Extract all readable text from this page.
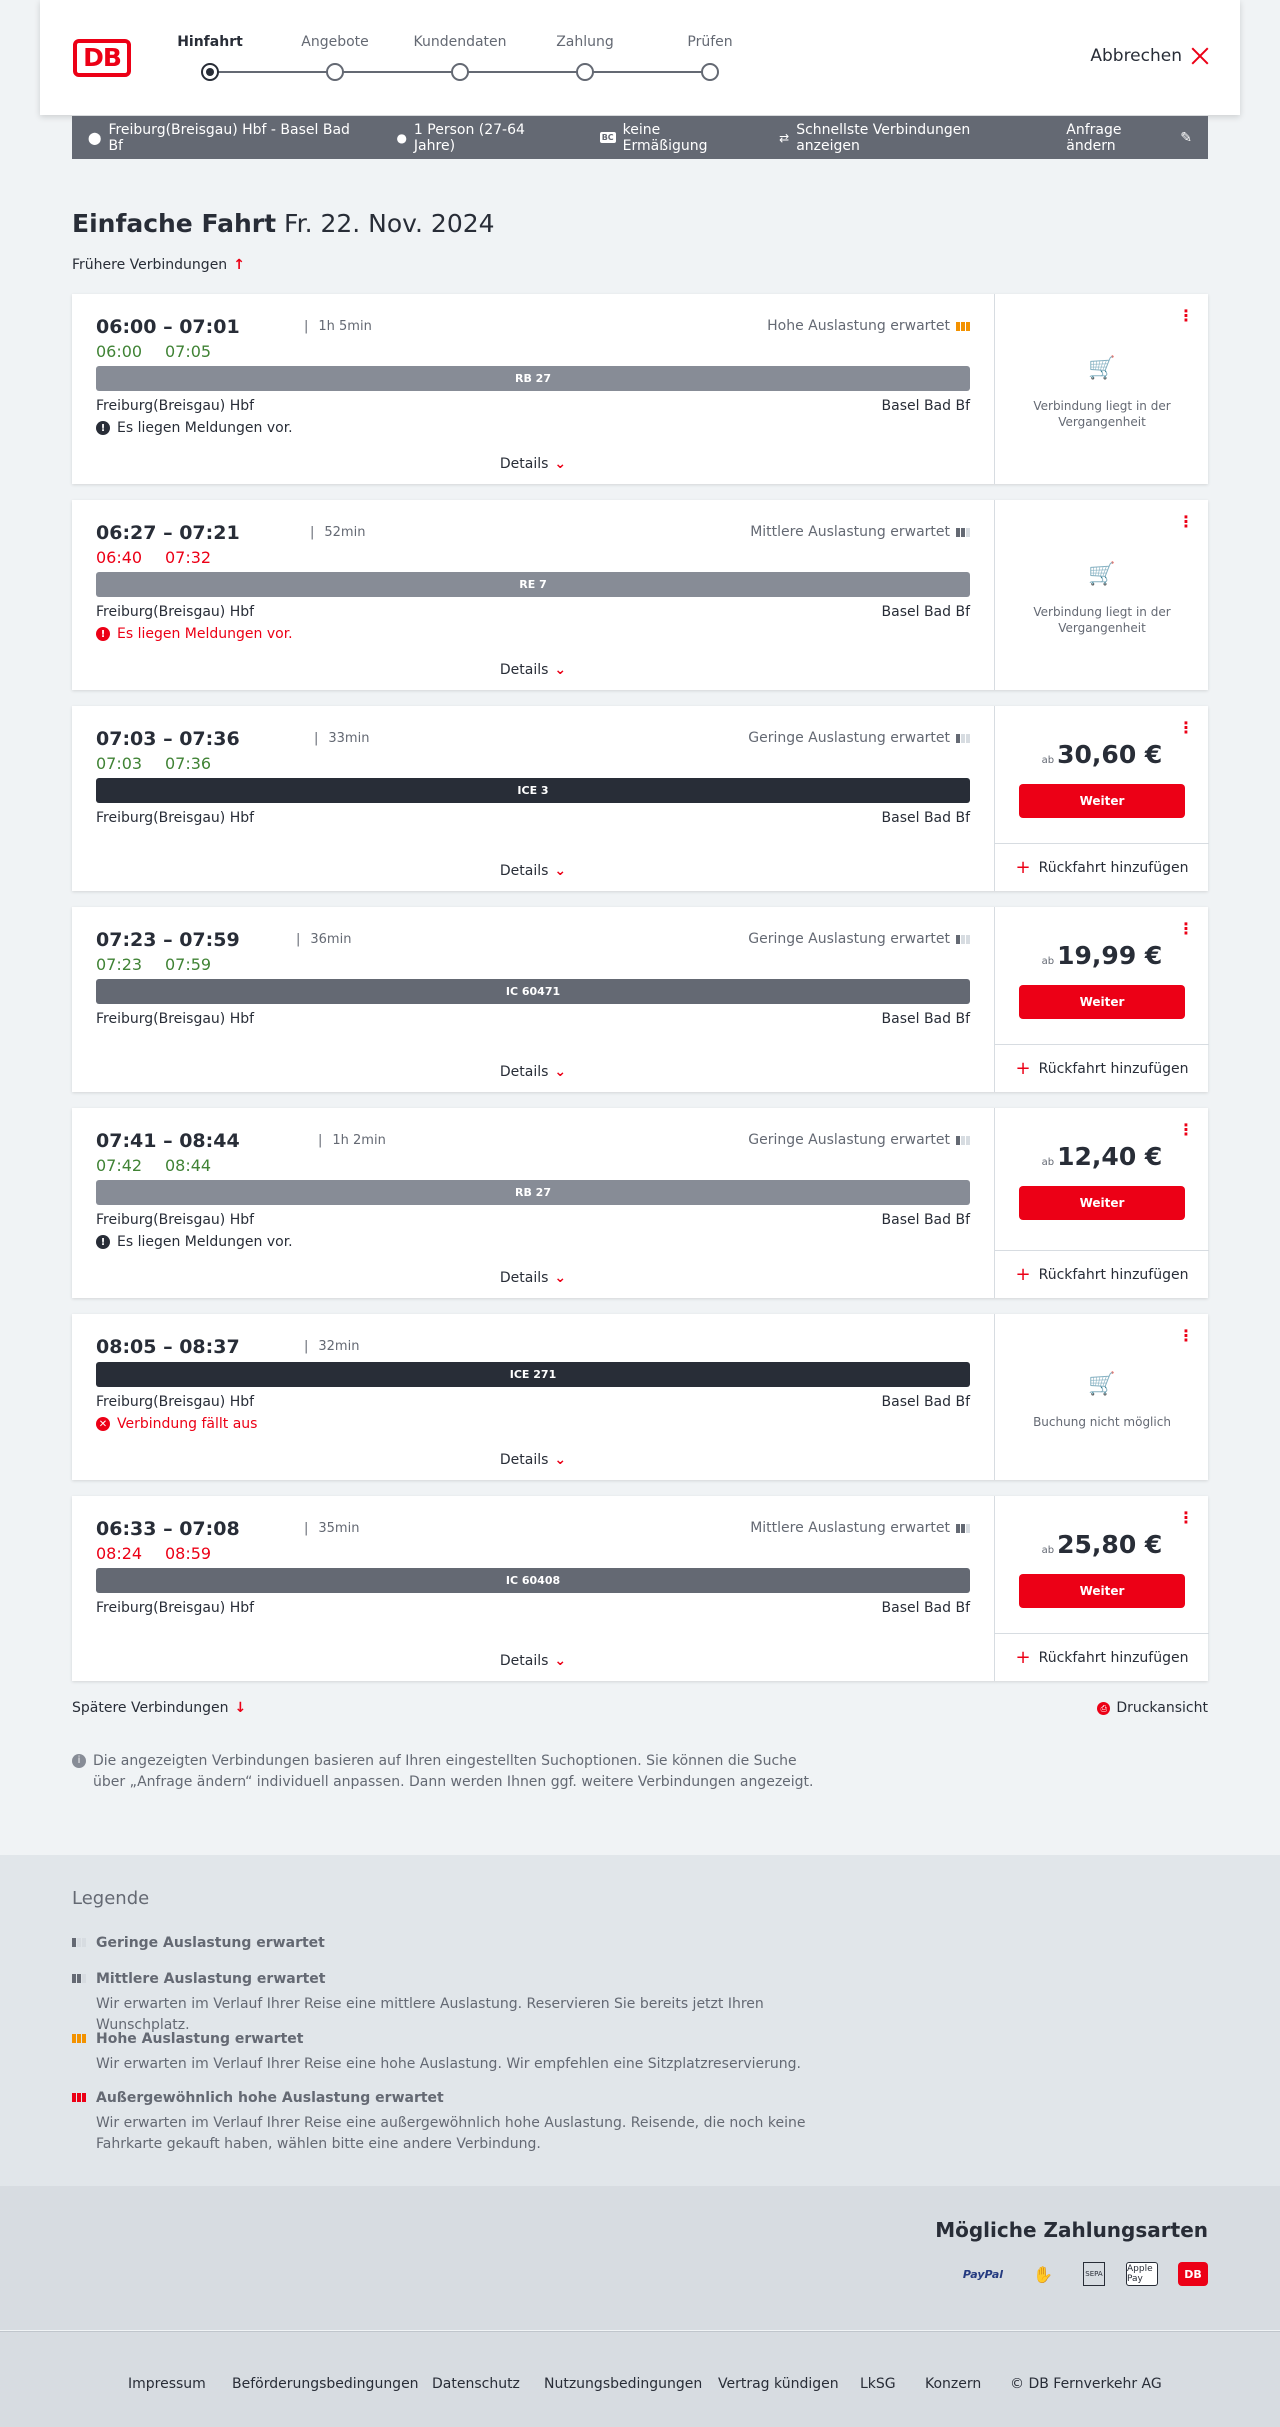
DB
Hinfahrt	Angebote	Kundendaten	Zahlung	Prüfen
Abbrechen
⬤ Freiburg(Breisgau) Hbf - Basel Bad Bf	● 1 Person (27-64 Jahre)	BC keine Ermäßigung	⇄ Schnellste Verbindungen anzeigen
Anfrage ändern	✎
Einfache Fahrt Fr. 22. Nov. 2024
Frühere Verbindungen ↑
06:00 – 07:01	| 1h 5min
06:00 07:05
Hohe Auslastung erwartet
RB 27
Freiburg(Breisgau) Hbf	Basel Bad Bf
! Es liegen Meldungen vor.
Details ⌄
⋮
🛒
Verbindung liegt in der Vergangenheit
06:27 – 07:21	| 52min
06:40 07:32
Mittlere Auslastung erwartet
RE 7
Freiburg(Breisgau) Hbf	Basel Bad Bf
! Es liegen Meldungen vor.
Details ⌄
⋮
🛒
Verbindung liegt in der Vergangenheit
07:03 – 07:36	| 33min
07:03 07:36
Geringe Auslastung erwartet
ICE 3
Freiburg(Breisgau) Hbf	Basel Bad Bf
Details ⌄
⋮
ab 30,60 €
Weiter
+ Rückfahrt hinzufügen
07:23 – 07:59	| 36min
07:23 07:59
Geringe Auslastung erwartet
IC 60471
Freiburg(Breisgau) Hbf	Basel Bad Bf
Details ⌄
⋮
ab 19,99 €
Weiter
+ Rückfahrt hinzufügen
07:41 – 08:44	| 1h 2min
07:42 08:44
Geringe Auslastung erwartet
RB 27
Freiburg(Breisgau) Hbf	Basel Bad Bf
! Es liegen Meldungen vor.
Details ⌄
⋮
ab 12,40 €
Weiter
+ Rückfahrt hinzufügen
08:05 – 08:37	| 32min
ICE 271
Freiburg(Breisgau) Hbf	Basel Bad Bf
✕ Verbindung fällt aus
Details ⌄
⋮
🛒
Buchung nicht möglich
06:33 – 07:08	| 35min
08:24 08:59
Mittlere Auslastung erwartet
IC 60408
Freiburg(Breisgau) Hbf	Basel Bad Bf
Details ⌄
⋮
ab 25,80 €
Weiter
+ Rückfahrt hinzufügen
Spätere Verbindungen ↓	⎙ Druckansicht
i Die angezeigten Verbindungen basieren auf Ihren eingestellten Suchoptionen. Sie können die Suche über „Anfrage ändern“ individuell anpassen. Dann werden Ihnen ggf. weitere Verbindungen angezeigt.
Legende
Geringe Auslastung erwartet
Mittlere Auslastung erwartet
Wir erwarten im Verlauf Ihrer Reise eine mittlere Auslastung. Reservieren Sie bereits jetzt Ihren Wunschplatz.
Hohe Auslastung erwartet
Wir erwarten im Verlauf Ihrer Reise eine hohe Auslastung. Wir empfehlen eine Sitzplatzreservierung.
Außergewöhnlich hohe Auslastung erwartet
Wir erwarten im Verlauf Ihrer Reise eine außergewöhnlich hohe Auslastung. Reisende, die noch keine Fahrkarte gekauft haben, wählen bitte eine andere Verbindung.
Mögliche Zahlungsarten
PayPal	✋	SEPA	Apple Pay	DB
Impressum Beförderungsbedingungen Datenschutz Nutzungsbedingungen Vertrag kündigen LkSG Konzern © DB Fernverkehr AG
